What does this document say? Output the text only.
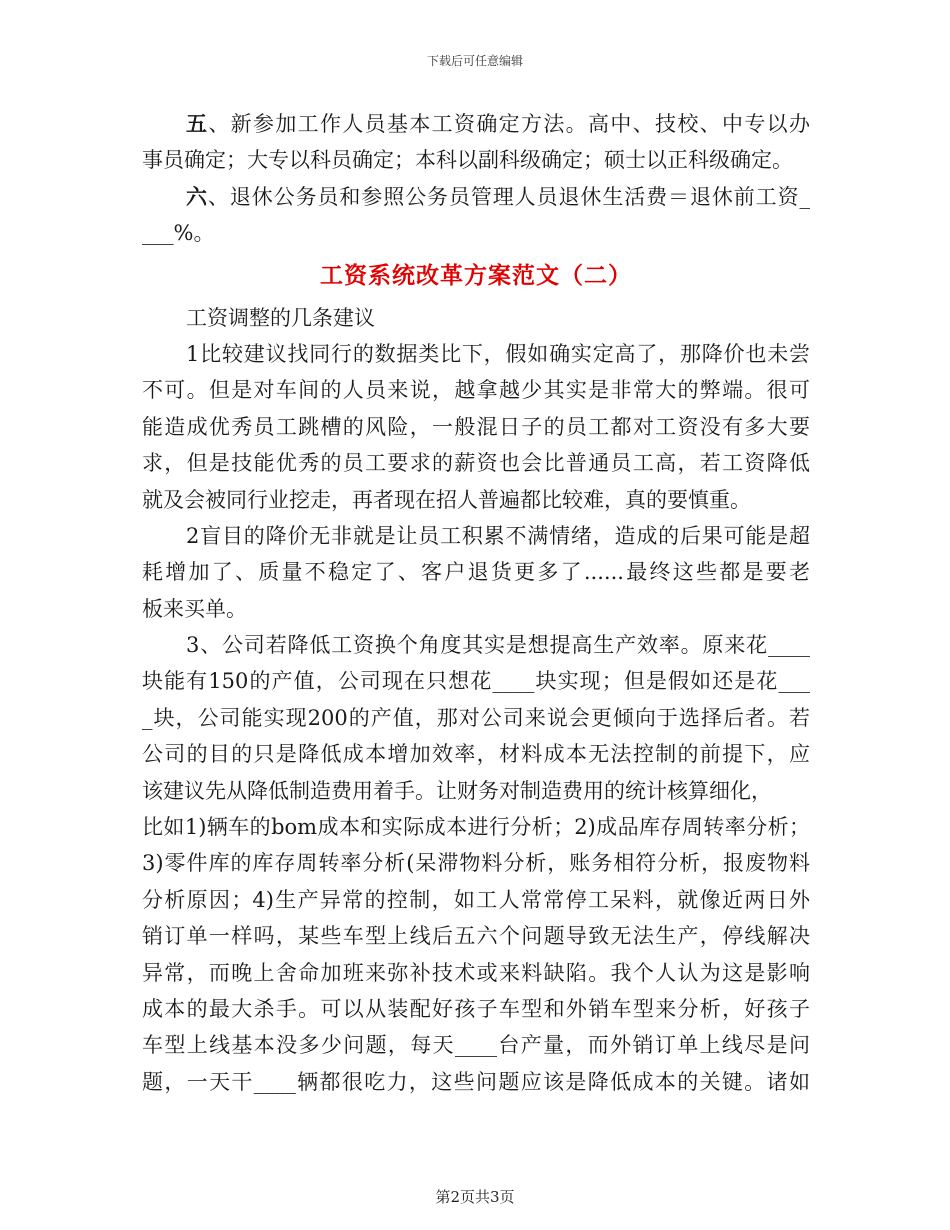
下载后可任意编辑
五、新参加工作人员基本工资确定方法。高中、技校、中专以办
事员确定；大专以科员确定；本科以副科级确定；硕士以正科级确定。
六、退休公务员和参照公务员管理人员退休生活费＝退休前工资_
___%。
工资系统改革方案范文（二）
工资调整的几条建议
1比较建议找同行的数据类比下，假如确实定高了，那降价也未尝
不可。但是对车间的人员来说，越拿越少其实是非常大的弊端。很可
能造成优秀员工跳槽的风险，一般混日子的员工都对工资没有多大要
求，但是技能优秀的员工要求的薪资也会比普通员工高，若工资降低
就及会被同行业挖走，再者现在招人普遍都比较难，真的要慎重。
2盲目的降价无非就是让员工积累不满情绪，造成的后果可能是超
耗增加了、质量不稳定了、客户退货更多了......最终这些都是要老
板来买单。
3、公司若降低工资换个角度其实是想提高生产效率。原来花____
块能有150的产值，公司现在只想花____块实现；但是假如还是花___
_块，公司能实现200的产值，那对公司来说会更倾向于选择后者。若
公司的目的只是降低成本增加效率，材料成本无法控制的前提下，应
该建议先从降低制造费用着手。让财务对制造费用的统计核算细化，
比如1)辆车的bom成本和实际成本进行分析；2)成品库存周转率分析；
3)零件库的库存周转率分析(呆滞物料分析，账务相符分析，报废物料
分析原因；4)生产异常的控制，如工人常常停工呆料，就像近两日外
销订单一样吗，某些车型上线后五六个问题导致无法生产，停线解决
异常，而晚上舍命加班来弥补技术或来料缺陷。我个人认为这是影响
成本的最大杀手。可以从装配好孩子车型和外销车型来分析，好孩子
车型上线基本没多少问题，每天____台产量，而外销订单上线尽是问
题，一天干____辆都很吃力，这些问题应该是降低成本的关键。诸如
第2页共3页
